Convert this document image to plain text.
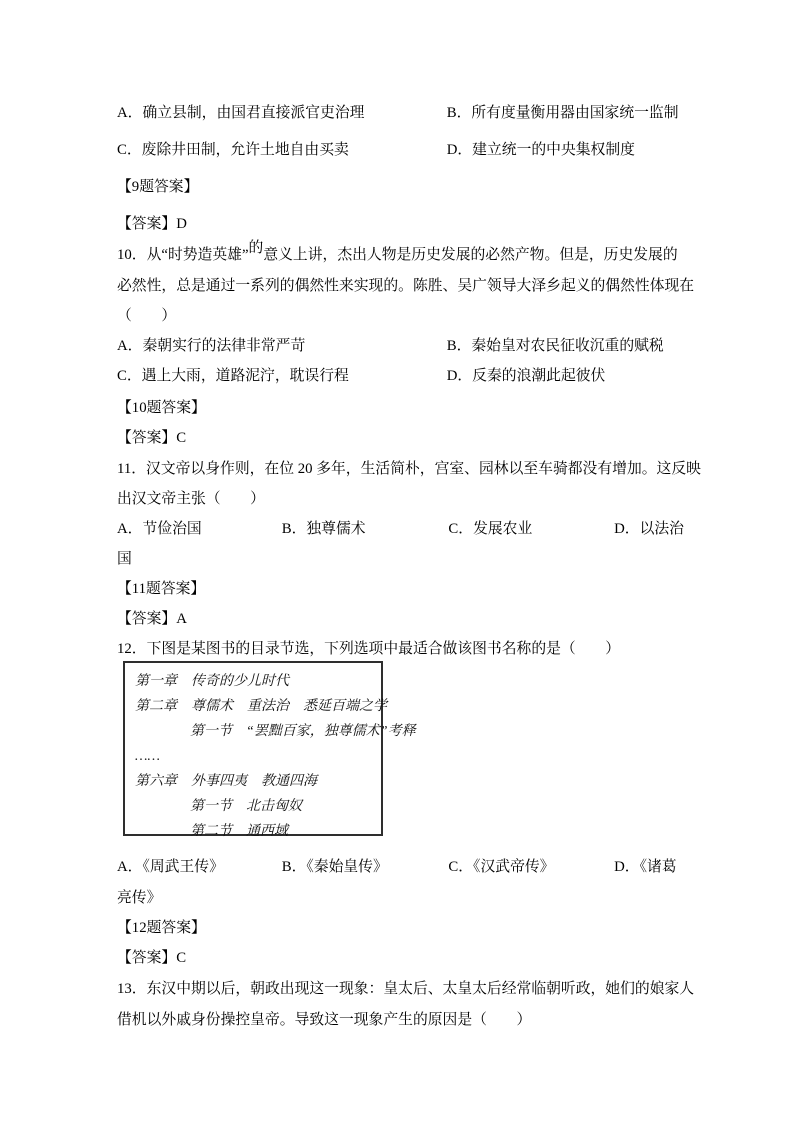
A．确立县制，由国君直接派官吏治理	B．所有度量衡用器由国家统一监制
C．废除井田制，允许土地自由买卖	D．建立统一的中央集权制度
【9题答案】
【答案】D
10．从“时势造英雄”的意义上讲，杰出人物是历史发展的必然产物。但是，历史发展的
必然性，总是通过一系列的偶然性来实现的。陈胜、吴广领导大泽乡起义的偶然性体现在
（　　）
A．秦朝实行的法律非常严苛	B．秦始皇对农民征收沉重的赋税
C．遇上大雨，道路泥泞，耽误行程	D．反秦的浪潮此起彼伏
【10题答案】
【答案】C
11．汉文帝以身作则，在位 20 多年，生活简朴，宫室、园林以至车骑都没有增加。这反映
出汉文帝主张（　　）
A．节俭治国	B．独尊儒术	C．发展农业	D．以法治
国
【11题答案】
【答案】A
12．下图是某图书的目录节选，下列选项中最适合做该图书名称的是（　　）
第一章　传奇的少儿时代
第二章　尊儒术　重法治　悉延百端之学
第一节　“罢黜百家，独尊儒术”考释
……
第六章　外事四夷　教通四海
第一节　北击匈奴
第二节　通西域
A．《周武王传》	B．《秦始皇传》	C．《汉武帝传》	D．《诸葛
亮传》
【12题答案】
【答案】C
13．东汉中期以后，朝政出现这一现象：皇太后、太皇太后经常临朝听政，她们的娘家人
借机以外戚身份操控皇帝。导致这一现象产生的原因是（　　）
